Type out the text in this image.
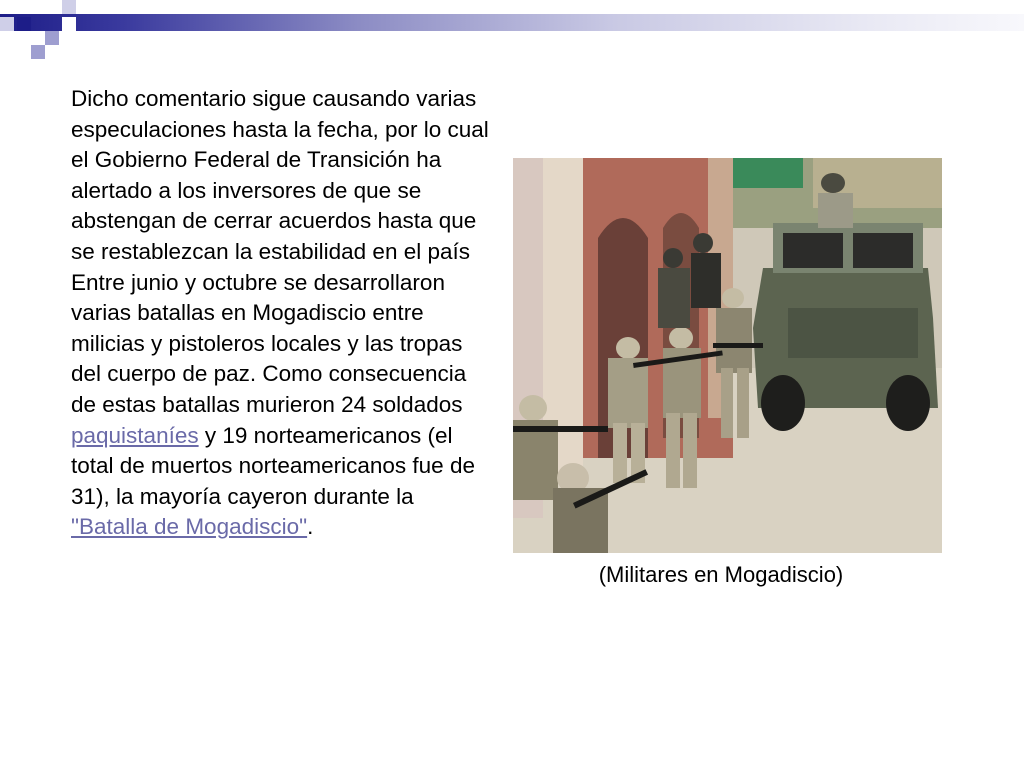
Dicho comentario sigue causando varias especulaciones hasta la fecha, por lo cual el Gobierno Federal de Transición ha alertado a los inversores de que se abstengan de cerrar acuerdos hasta que se restablezcan la estabilidad en el país

Entre junio y octubre se desarrollaron varias batallas en Mogadiscio entre milicias y pistoleros locales y las tropas del cuerpo de paz. Como consecuencia de estas batallas murieron 24 soldados paquistaníes y 19 norteamericanos (el total de muertos norteamericanos fue de 31), la mayoría cayeron durante la "Batalla de Mogadiscio".

(Militares en Mogadiscio)
